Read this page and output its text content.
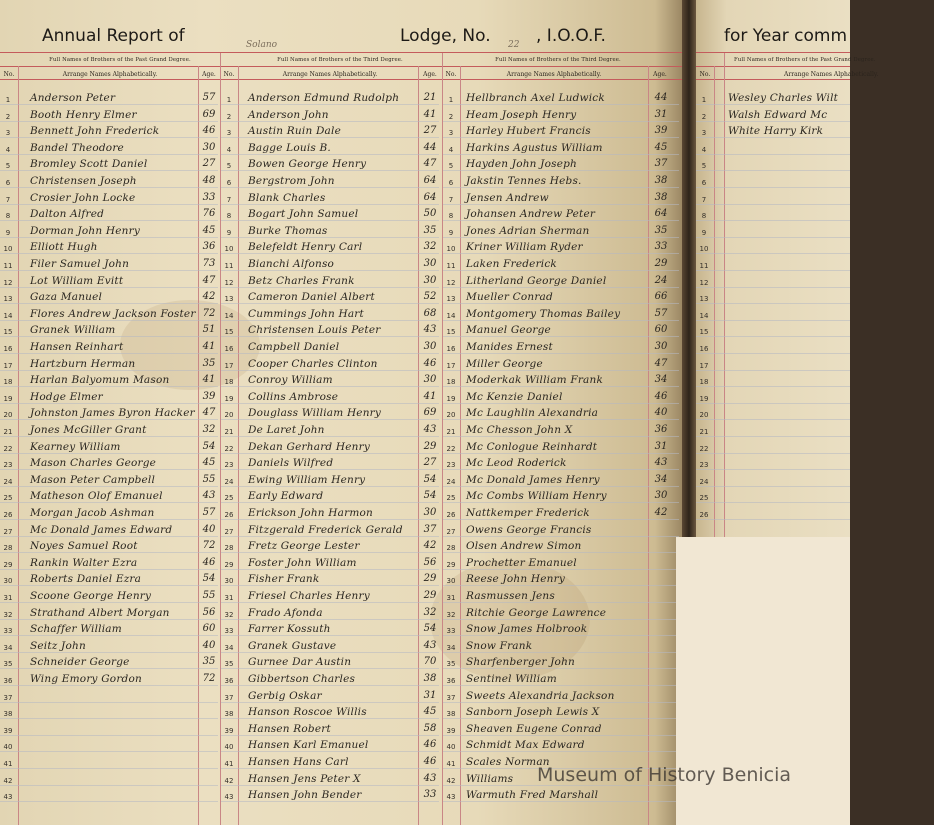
Annual Report of	Solano	Lodge, No. 22 , I.O.O.F.
Full Names of Brothers of the Past Grand Degree.	Full Names of Brothers of the Third Degree.	Full Names of Brothers of the Third Degree.
No.	Arrange Names Alphabetically.	Age.	No.	Arrange Names Alphabetically.	Age.	No.	Arrange Names Alphabetically.	Age.
1	Anderson Peter	57
2	Booth Henry Elmer	69
3	Bennett John Frederick	46
4	Bandel Theodore	30
5	Bromley Scott Daniel	27
6	Christensen Joseph	48
7	Crosier John Locke	33
8	Dalton Alfred	76
9	Dorman John Henry	45
10 Elliott Hugh	36
11 Filer Samuel John	73
12 Lot William Evitt	47
13 Gaza Manuel	42
14 Flores Andrew Jackson Foster 72
15 Granek William	51
16 Hansen Reinhart	41
17 Hartzburn Herman	35
18 Harlan Balyomum Mason	41
19 Hodge Elmer	39
20 Johnston James Byron Hacker 47
21 Jones McGiller Grant	32
22 Kearney William	54
23 Mason Charles George	45
24 Mason Peter Campbell	55
25 Matheson Olof Emanuel	43
26 Morgan Jacob Ashman	57
27 Mc Donald James Edward	40
28 Noyes Samuel Root	72
29 Rankin Walter Ezra	46
30 Roberts Daniel Ezra	54
31 Scoone George Henry	55
32 Strathand Albert Morgan	56
33 Schaffer William	60
34 Seitz John	40
35 Schneider George	35
36 Wing Emory Gordon	72
37
38
39
40
41
42
43
1	Anderson Edmund Rudolph	21
2	Anderson John	41
3	Austin Ruin Dale	27
4	Bagge Louis B.	44
5	Bowen George Henry	47
6	Bergstrom John	64
7	Blank Charles	64
8	Bogart John Samuel	50
9	Burke Thomas	35
10 Belefeldt Henry Carl	32
11 Bianchi Alfonso	30
12 Betz Charles Frank	30
13 Cameron Daniel Albert	52
14 Cummings John Hart	68
15 Christensen Louis Peter	43
16 Campbell Daniel	30
17 Cooper Charles Clinton	46
18 Conroy William	30
19 Collins Ambrose	41
20 Douglass William Henry	69
21 De Laret John	43
22 Dekan Gerhard Henry	29
23 Daniels Wilfred	27
24 Ewing William Henry	54
25 Early Edward	54
26 Erickson John Harmon	30
27 Fitzgerald Frederick Gerald	37
28 Fretz George Lester	42
29 Foster John William	56
30 Fisher Frank	29
31 Friesel Charles Henry	29
32 Frado Afonda	32
33 Farrer Kossuth	54
34 Granek Gustave	43
35 Gurnee Dar Austin	70
36 Gibbertson Charles	38
37 Gerbig Oskar	31
38 Hanson Roscoe Willis	45
39 Hansen Robert	58
40 Hansen Karl Emanuel	46
41 Hansen Hans Carl	46
42 Hansen Jens Peter X	43
43 Hansen John Bender	33
1	Hellbranch Axel Ludwick	44
2	Heam Joseph Henry	31
3	Harley Hubert Francis	39
4	Harkins Agustus William	45
5	Hayden John Joseph	37
6	Jakstin Tennes Hebs.	38
7	Jensen Andrew	38
8	Johansen Andrew Peter	64
9	Jones Adrian Sherman	35
10 Kriner William Ryder	33
11 Laken Frederick	29
12 Litherland George Daniel	24
13 Mueller Conrad	66
14 Montgomery Thomas Bailey	57
15 Manuel George	60
16 Manides Ernest	30
17 Miller George	47
18 Moderkak William Frank	34
19 Mc Kenzie Daniel	46
20 Mc Laughlin Alexandria	40
21 Mc Chesson John X	36
22 Mc Conlogue Reinhardt	31
23 Mc Leod Roderick	43
24 Mc Donald James Henry	34
25 Mc Combs William Henry	30
26 Nattkemper Frederick	42
27 Owens George Francis
28 Olsen Andrew Simon
29 Prochetter Emanuel
30 Reese John Henry
31 Rasmussen Jens
32 Ritchie George Lawrence
33 Snow James Holbrook
34 Snow Frank
35 Sharfenberger John
36 Sentinel William
37 Sweets Alexandria Jackson
38 Sanborn Joseph Lewis X
39 Sheaven Eugene Conrad
40 Schmidt Max Edward
41 Scales Norman
42 Williams
43 Warmuth Fred Marshall
for Year comm
Full Names of Brothers of the Past Grand Degree.
No.	Arrange Names Alphabetically.
1	Wesley Charles Wilt
2	Walsh Edward Mc
3	White Harry Kirk
4
5
6
7
8
9
10
11
12
13
14
15
16
17
18
19
20
21
22
23
24
25
26
Museum of History Benicia
